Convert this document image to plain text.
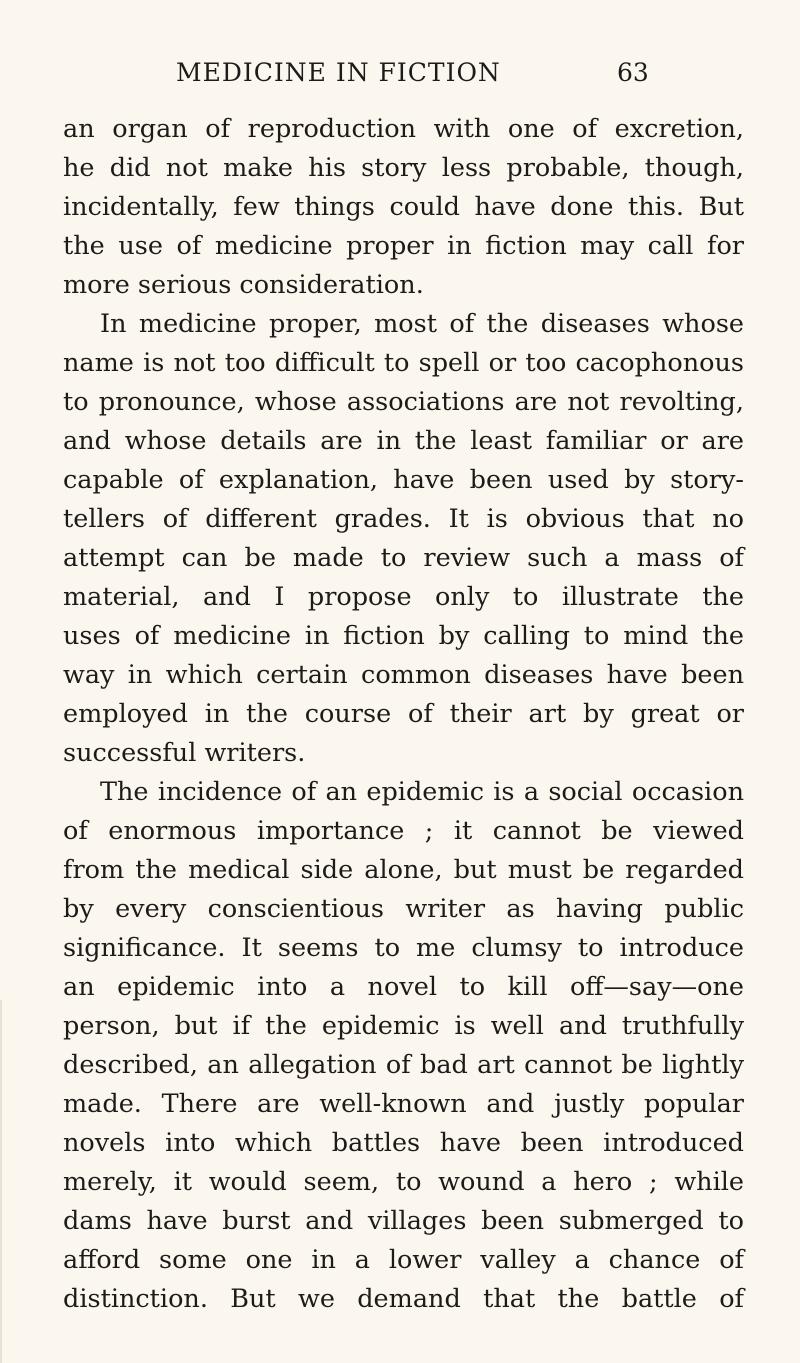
MEDICINE IN FICTION	63
an organ of reproduction with one of excretion,
he did not make his story less probable, though,
incidentally, few things could have done this. But
the use of medicine proper in fiction may call for
more serious consideration.
In medicine proper, most of the diseases whose
name is not too difficult to spell or too cacophonous
to pronounce, whose associations are not revolting,
and whose details are in the least familiar or are
capable of explanation, have been used by story-
tellers of different grades. It is obvious that no
attempt can be made to review such a mass of
material, and I propose only to illustrate the
uses of medicine in fiction by calling to mind the
way in which certain common diseases have been
employed in the course of their art by great or
successful writers.
The incidence of an epidemic is a social occasion
of enormous importance ; it cannot be viewed
from the medical side alone, but must be regarded
by every conscientious writer as having public
significance. It seems to me clumsy to introduce
an epidemic into a novel to kill off—say—one
person, but if the epidemic is well and truthfully
described, an allegation of bad art cannot be lightly
made. There are well-known and justly popular
novels into which battles have been introduced
merely, it would seem, to wound a hero ; while
dams have burst and villages been submerged to
afford some one in a lower valley a chance of
distinction. But we demand that the battle of
